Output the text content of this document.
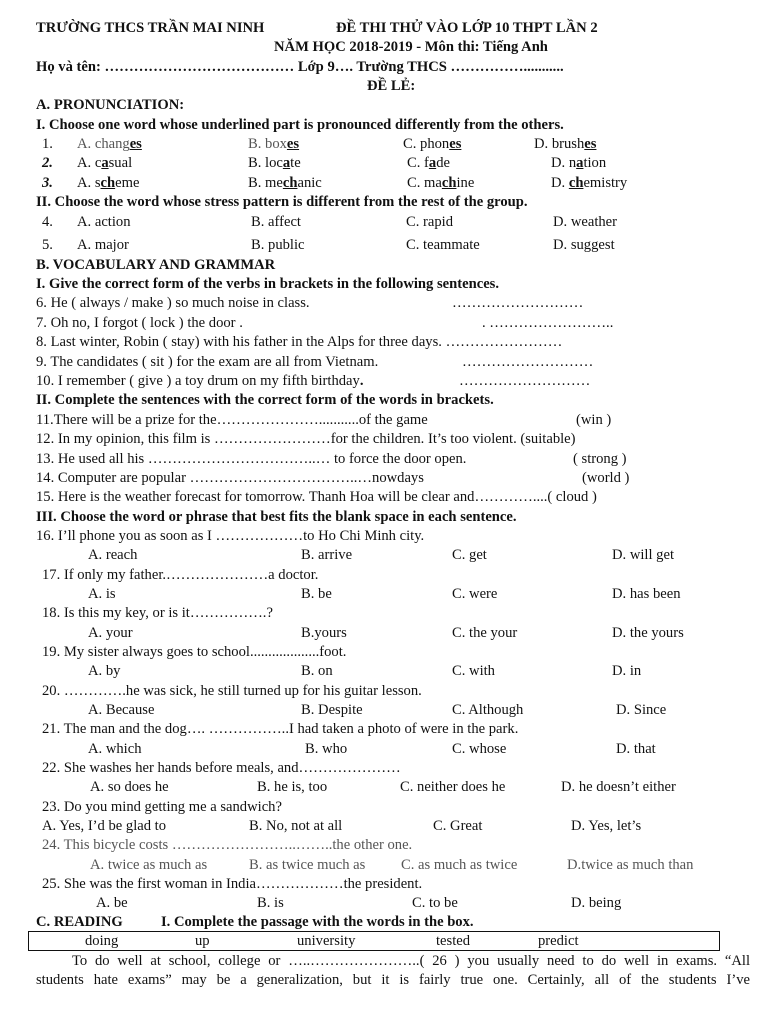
TRƯỜNG THCS TRẦN MAI NINH	ĐỀ THI THỬ VÀO LỚP 10 THPT LẦN 2
NĂM HỌC 2018-2019 - Môn thi: Tiếng Anh
Họ và tên: ………………………………… Lớp 9…. Trường THCS ……………...........
ĐỀ LẺ:
A. PRONUNCIATION:
I. Choose one word whose underlined part is pronounced differently from the others.
1. A. changes	B. boxes	C. phones	D. brushes
2. A. casual	B. locate	C. fade	D. nation
3. A. scheme	B. mechanic	C. machine	D. chemistry
II. Choose the word whose stress pattern is different from the rest of the group.
4. A. action	B. affect	C. rapid	D. weather
5. A. major	B. public	C. teammate	D. suggest
B. VOCABULARY AND GRAMMAR
I. Give the correct form of the verbs in brackets in the following sentences.
6. He ( always / make ) so much noise in class.	………………………
7. Oh no, I forgot ( lock ) the door .	. ……………………..
8. Last winter, Robin ( stay) with his father in the Alps for three days. ……………………
9. The candidates ( sit ) for the exam are all from Vietnam.	………………………
10. I remember ( give ) a toy drum on my fifth birthday.	………………………
II. Complete the sentences with the correct form of the words in brackets.
11.There will be a prize for the…………………...........of the game	(win )
12. In my opinion, this film is ……………………for the children. It’s too violent. (suitable)
13. He used all his ……………………………..… to force the door open.	( strong )
14. Computer are popular ……………………………..…nowdays	(world )
15. Here is the weather forecast for tomorrow. Thanh Hoa will be clear and…………....( cloud )
III. Choose the word or phrase that best fits the blank space in each sentence.
16. I’ll phone you as soon as I ………………to Ho Chi Minh city.
A. reach	B. arrive	C. get	D. will get
17. If only my father.…………………a doctor.
A. is	B. be	C. were	D. has been
18. Is this my key, or is it…………….?
A. your	B.yours	C. the your	D. the yours
19. My sister always goes to school...................foot.
A. by	B. on	C. with	D. in
20. ………….he was sick, he still turned up for his guitar lesson.
A. Because	B. Despite	C. Although	D. Since
21. The man and the dog…. ……………..I had taken a photo of were in the park.
A. which	B. who	C. whose	D. that
22. She washes her hands before meals, and…………………
A. so does he	B. he is, too	C. neither does he	D. he doesn’t either
23. Do you mind getting me a sandwich?
A. Yes, I’d be glad to	B. No, not at all	C. Great	D. Yes, let’s
24. This bicycle costs ……………………..……..the other one.
A. twice as much as	B. as twice much as C. as much as twice	D.twice as much than
25. She was the first woman in India………………the president.
A. be	B. is	C. to be	D. being
C. READING	I. Complete the passage with the words in the box.
doing	up	university	tested	predict
To do well at school, college or …..…………………..( 26 ) you usually need to do well in exams. “All
students hate exams” may be a generalization, but it is fairly true one. Certainly, all of the students I’ve
